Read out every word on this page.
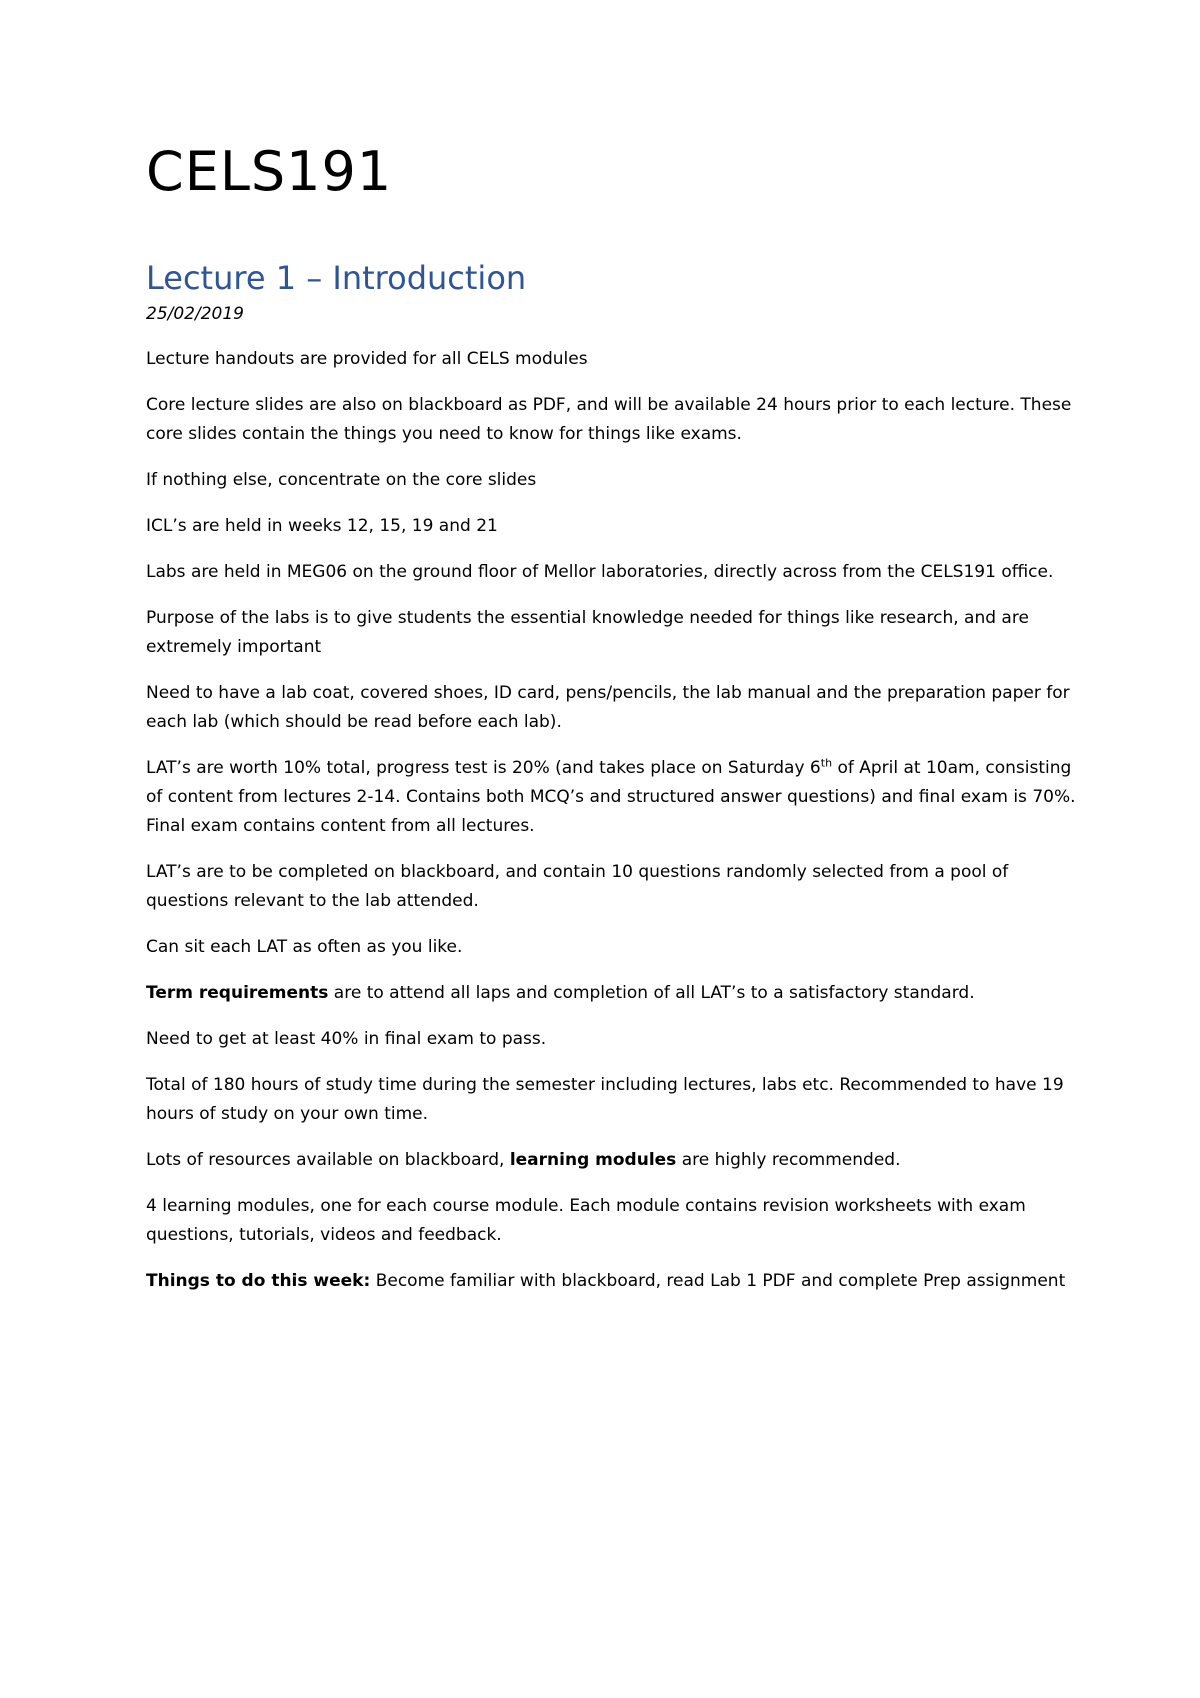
CELS191
Lecture 1 – Introduction

25/02/2019

Lecture handouts are provided for all CELS modules

Core lecture slides are also on blackboard as PDF, and will be available 24 hours prior to each lecture. These core slides contain the things you need to know for things like exams.

If nothing else, concentrate on the core slides

ICL’s are held in weeks 12, 15, 19 and 21

Labs are held in MEG06 on the ground floor of Mellor laboratories, directly across from the CELS191 office.

Purpose of the labs is to give students the essential knowledge needed for things like research, and are extremely important

Need to have a lab coat, covered shoes, ID card, pens/pencils, the lab manual and the preparation paper for each lab (which should be read before each lab).

LAT’s are worth 10% total, progress test is 20% (and takes place on Saturday 6th of April at 10am, consisting of content from lectures 2-14. Contains both MCQ’s and structured answer questions) and final exam is 70%. Final exam contains content from all lectures.

LAT’s are to be completed on blackboard, and contain 10 questions randomly selected from a pool of questions relevant to the lab attended.

Can sit each LAT as often as you like.

Term requirements are to attend all laps and completion of all LAT’s to a satisfactory standard.

Need to get at least 40% in final exam to pass.

Total of 180 hours of study time during the semester including lectures, labs etc. Recommended to have 19 hours of study on your own time.

Lots of resources available on blackboard, learning modules are highly recommended.

4 learning modules, one for each course module. Each module contains revision worksheets with exam questions, tutorials, videos and feedback.

Things to do this week: Become familiar with blackboard, read Lab 1 PDF and complete Prep assignment
